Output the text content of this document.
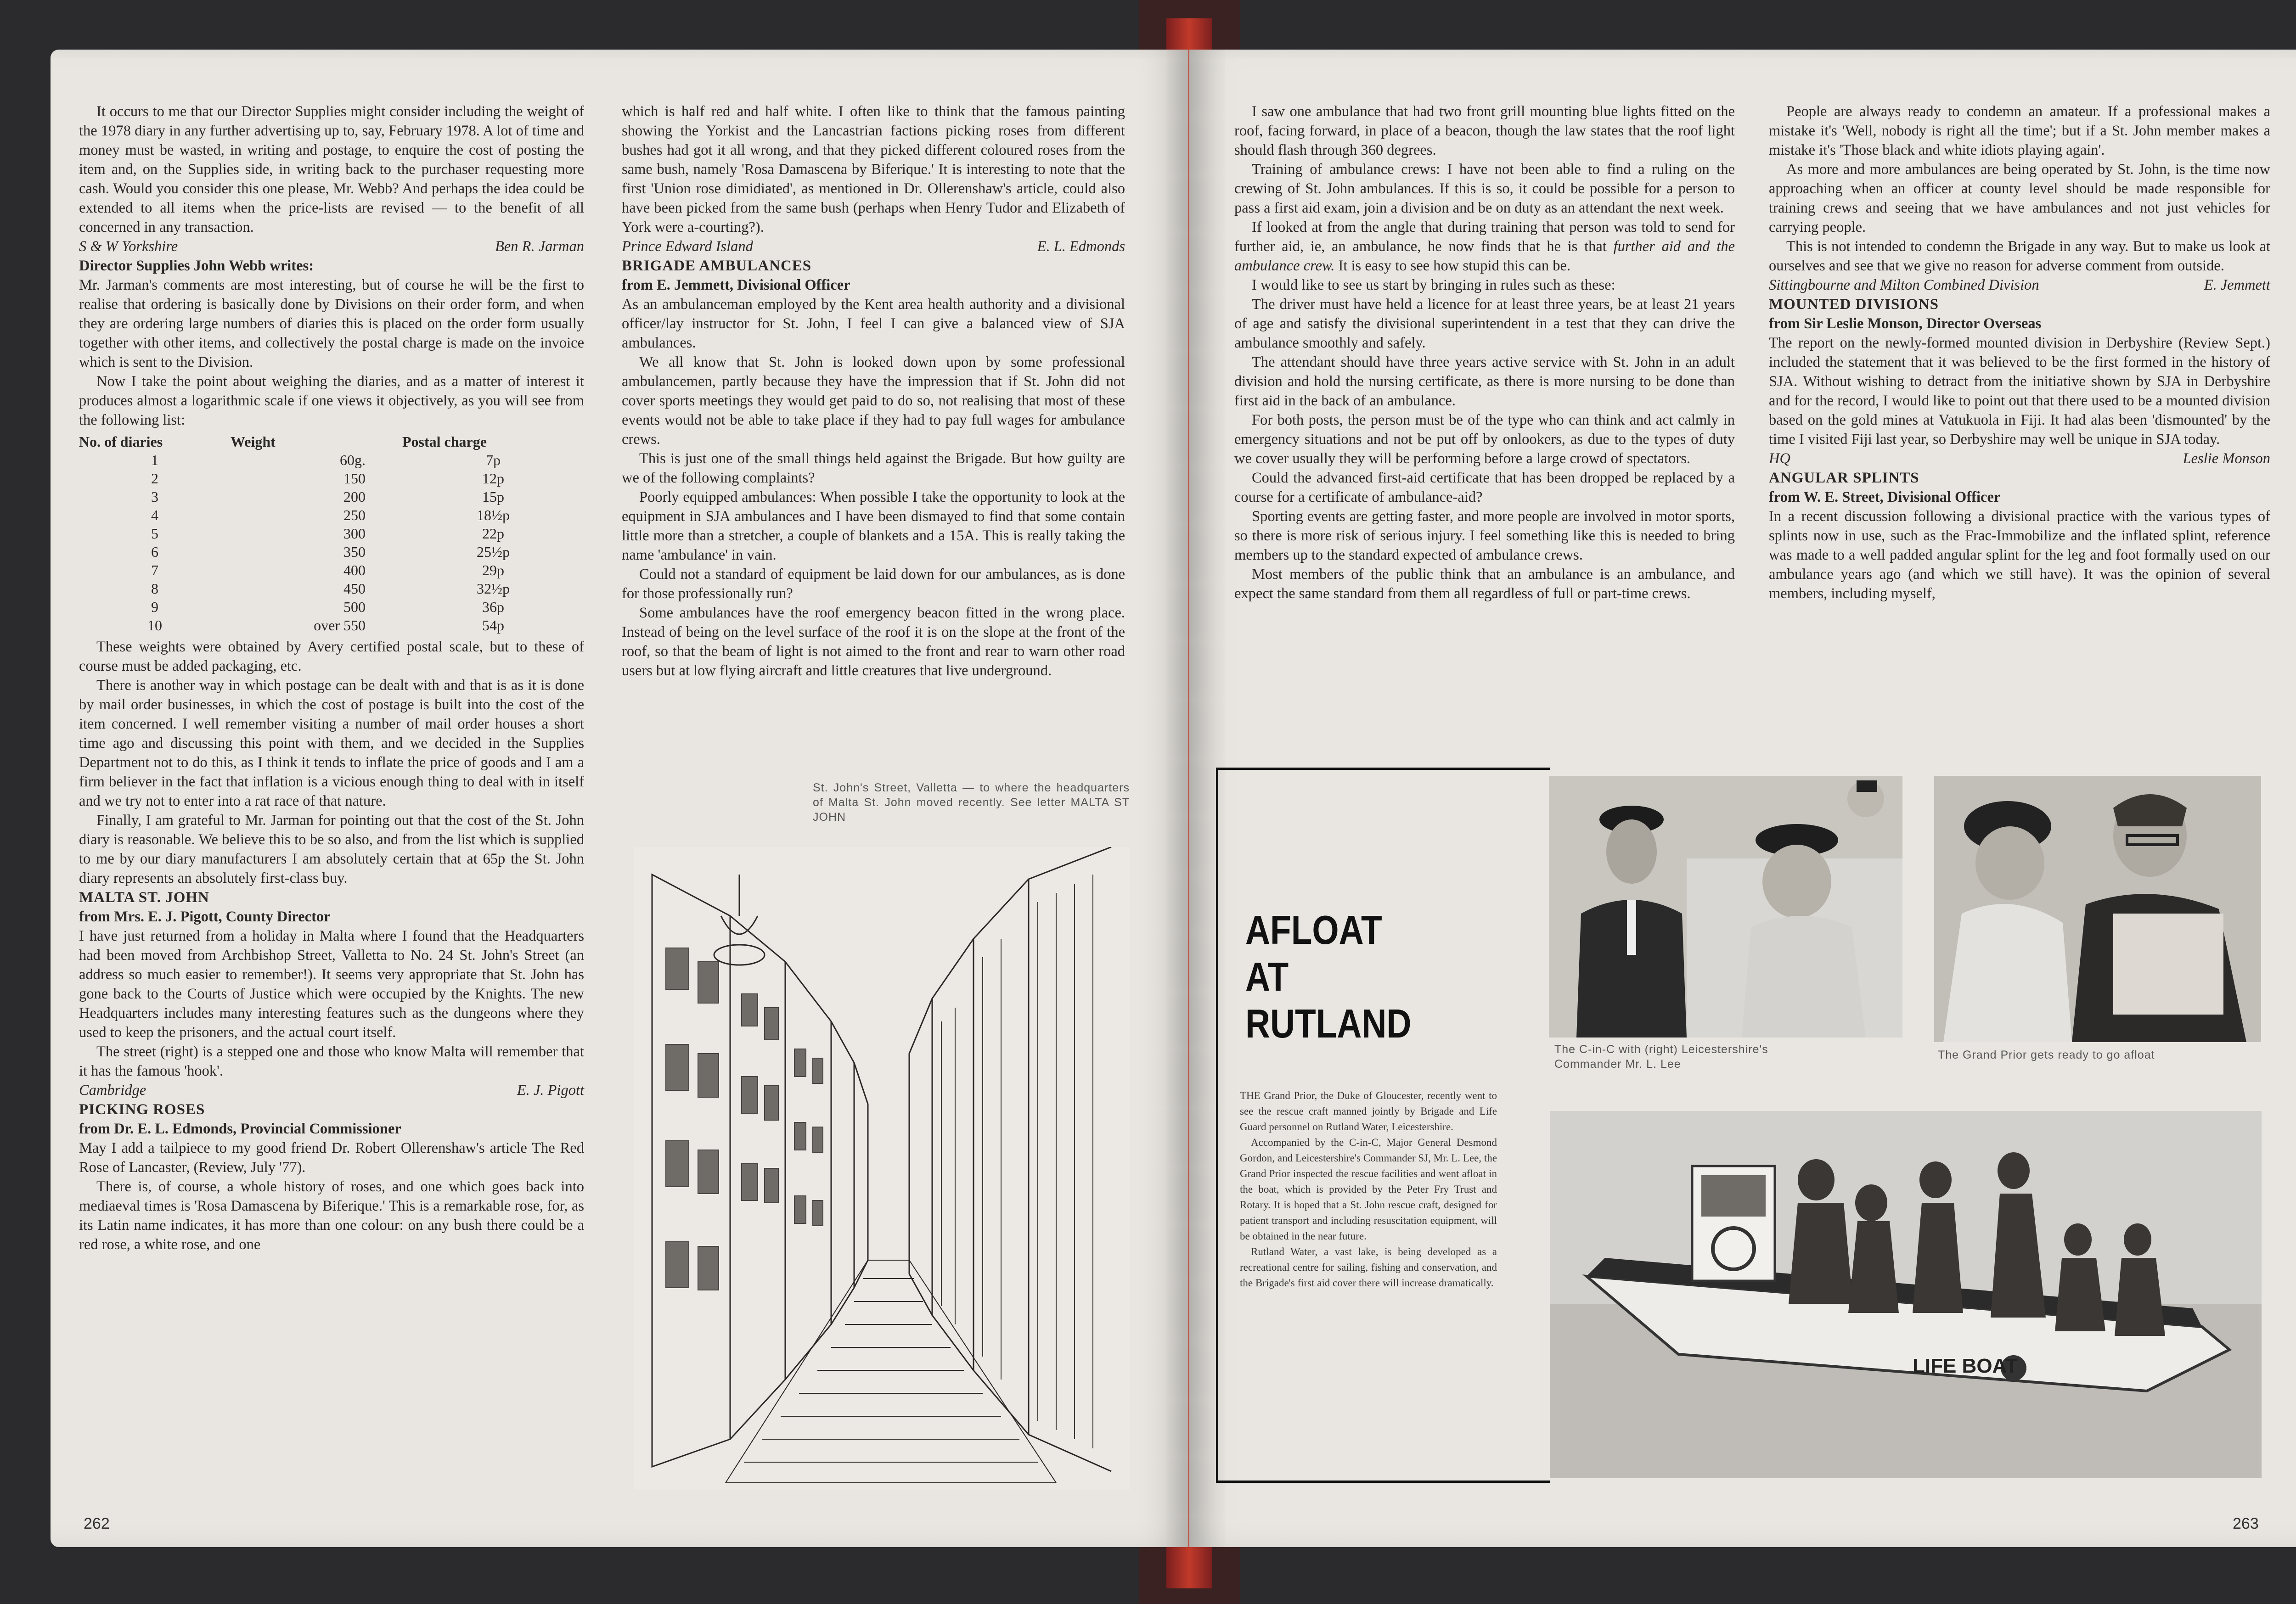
It occurs to me that our Director Supplies might consider including the weight of the 1978 diary in any further advertising up to, say, February 1978. A lot of time and money must be wasted, in writing and postage, to enquire the cost of posting the item and, on the Supplies side, in writing back to the purchaser requesting more cash. Would you consider this one please, Mr. Webb? And perhaps the idea could be extended to all items when the price-lists are revised — to the benefit of all concerned in any transaction.

S & W Yorkshire	Ben R. Jarman

Director Supplies John Webb writes:

Mr. Jarman's comments are most interesting, but of course he will be the first to realise that ordering is basically done by Divisions on their order form, and when they are ordering large numbers of diaries this is placed on the order form usually together with other items, and collectively the postal charge is made on the invoice which is sent to the Division.

Now I take the point about weighing the diaries, and as a matter of interest it produces almost a logarithmic scale if one views it objectively, as you will see from the following list:

No. of diaries	Weight	Postal charge
1	60g.	7p
2	150	12p
3	200	15p
4	250	18½p
5	300	22p
6	350	25½p
7	400	29p
8	450	32½p
9	500	36p
10	over 550	54p

These weights were obtained by Avery certified postal scale, but to these of course must be added packaging, etc.

There is another way in which postage can be dealt with and that is as it is done by mail order businesses, in which the cost of postage is built into the cost of the item concerned. I well remember visiting a number of mail order houses a short time ago and discussing this point with them, and we decided in the Supplies Department not to do this, as I think it tends to inflate the price of goods and I am a firm believer in the fact that inflation is a vicious enough thing to deal with in itself and we try not to enter into a rat race of that nature.

Finally, I am grateful to Mr. Jarman for pointing out that the cost of the St. John diary is reasonable. We believe this to be so also, and from the list which is supplied to me by our diary manufacturers I am absolutely certain that at 65p the St. John diary represents an absolutely first-class buy.

MALTA ST. JOHN

from Mrs. E. J. Pigott, County Director

I have just returned from a holiday in Malta where I found that the Headquarters had been moved from Archbishop Street, Valletta to No. 24 St. John's Street (an address so much easier to remember!). It seems very appropriate that St. John has gone back to the Courts of Justice which were occupied by the Knights. The new Headquarters includes many interesting features such as the dungeons where they used to keep the prisoners, and the actual court itself.

The street (right) is a stepped one and those who know Malta will remember that it has the famous 'hook'.

Cambridge	E. J. Pigott

PICKING ROSES

from Dr. E. L. Edmonds, Provincial Commissioner

May I add a tailpiece to my good friend Dr. Robert Ollerenshaw's article The Red Rose of Lancaster, (Review, July '77).

There is, of course, a whole history of roses, and one which goes back into mediaeval times is 'Rosa Damascena by Biferique.' This is a remarkable rose, for, as its Latin name indicates, it has more than one colour: on any bush there could be a red rose, a white rose, and one

which is half red and half white. I often like to think that the famous painting showing the Yorkist and the Lancastrian factions picking roses from different bushes had got it all wrong, and that they picked different coloured roses from the same bush, namely 'Rosa Damascena by Biferique.' It is interesting to note that the first 'Union rose dimidiated', as mentioned in Dr. Ollerenshaw's article, could also have been picked from the same bush (perhaps when Henry Tudor and Elizabeth of York were a-courting?).

Prince Edward Island	E. L. Edmonds

BRIGADE AMBULANCES

from E. Jemmett, Divisional Officer

As an ambulanceman employed by the Kent area health authority and a divisional officer/lay instructor for St. John, I feel I can give a balanced view of SJA ambulances.

We all know that St. John is looked down upon by some professional ambulancemen, partly because they have the impression that if St. John did not cover sports meetings they would get paid to do so, not realising that most of these events would not be able to take place if they had to pay full wages for ambulance crews.

This is just one of the small things held against the Brigade. But how guilty are we of the following complaints?

Poorly equipped ambulances: When possible I take the opportunity to look at the equipment in SJA ambulances and I have been dismayed to find that some contain little more than a stretcher, a couple of blankets and a 15A. This is really taking the name 'ambulance' in vain.

Could not a standard of equipment be laid down for our ambulances, as is done for those professionally run?

Some ambulances have the roof emergency beacon fitted in the wrong place. Instead of being on the level surface of the roof it is on the slope at the front of the roof, so that the beam of light is not aimed to the front and rear to warn other road users but at low flying aircraft and little creatures that live underground.

St. John's Street, Valletta — to where the headquarters of Malta St. John moved recently. See letter MALTA ST JOHN
262

I saw one ambulance that had two front grill mounting blue lights fitted on the roof, facing forward, in place of a beacon, though the law states that the roof light should flash through 360 degrees.

Training of ambulance crews: I have not been able to find a ruling on the crewing of St. John ambulances. If this is so, it could be possible for a person to pass a first aid exam, join a division and be on duty as an attendant the next week.

If looked at from the angle that during training that person was told to send for further aid, ie, an ambulance, he now finds that he is that further aid and the ambulance crew. It is easy to see how stupid this can be.

I would like to see us start by bringing in rules such as these:

The driver must have held a licence for at least three years, be at least 21 years of age and satisfy the divisional superintendent in a test that they can drive the ambulance smoothly and safely.

The attendant should have three years active service with St. John in an adult division and hold the nursing certificate, as there is more nursing to be done than first aid in the back of an ambulance.

For both posts, the person must be of the type who can think and act calmly in emergency situations and not be put off by onlookers, as due to the types of duty we cover usually they will be performing before a large crowd of spectators.

Could the advanced first-aid certificate that has been dropped be replaced by a course for a certificate of ambulance-aid?

Sporting events are getting faster, and more people are involved in motor sports, so there is more risk of serious injury. I feel something like this is needed to bring members up to the standard expected of ambulance crews.

Most members of the public think that an ambulance is an ambulance, and expect the same standard from them all regardless of full or part-time crews.

People are always ready to condemn an amateur. If a professional makes a mistake it's 'Well, nobody is right all the time'; but if a St. John member makes a mistake it's 'Those black and white idiots playing again'.

As more and more ambulances are being operated by St. John, is the time now approaching when an officer at county level should be made responsible for training crews and seeing that we have ambulances and not just vehicles for carrying people.

This is not intended to condemn the Brigade in any way. But to make us look at ourselves and see that we give no reason for adverse comment from outside.

Sittingbourne and Milton Combined Division	E. Jemmett

MOUNTED DIVISIONS

from Sir Leslie Monson, Director Overseas

The report on the newly-formed mounted division in Derbyshire (Review Sept.) included the statement that it was believed to be the first formed in the history of SJA. Without wishing to detract from the initiative shown by SJA in Derbyshire and for the record, I would like to point out that there used to be a mounted division based on the gold mines at Vatukuola in Fiji. It had alas been 'dismounted' by the time I visited Fiji last year, so Derbyshire may well be unique in SJA today.

HQ	Leslie Monson

ANGULAR SPLINTS

from W. E. Street, Divisional Officer

In a recent discussion following a divisional practice with the various types of splints now in use, such as the Frac-Immobilize and the inflated splint, reference was made to a well padded angular splint for the leg and foot formally used on our ambulance years ago (and which we still have). It was the opinion of several members, including myself,

AFLOAT
AT
RUTLAND

THE Grand Prior, the Duke of Gloucester, recently went to see the rescue craft manned jointly by Brigade and Life Guard personnel on Rutland Water, Leicestershire.

Accompanied by the C-in-C, Major General Desmond Gordon, and Leicestershire's Commander SJ, Mr. L. Lee, the Grand Prior inspected the rescue facilities and went afloat in the boat, which is provided by the Peter Fry Trust and Rotary. It is hoped that a St. John rescue craft, designed for patient transport and including resuscitation equipment, will be obtained in the near future.

Rutland Water, a vast lake, is being developed as a recreational centre for sailing, fishing and conservation, and the Brigade's first aid cover there will increase dramatically.

The C-in-C with (right) Leicestershire's Commander Mr. L. Lee
The Grand Prior gets ready to go afloat
LIFE BOAT
263
